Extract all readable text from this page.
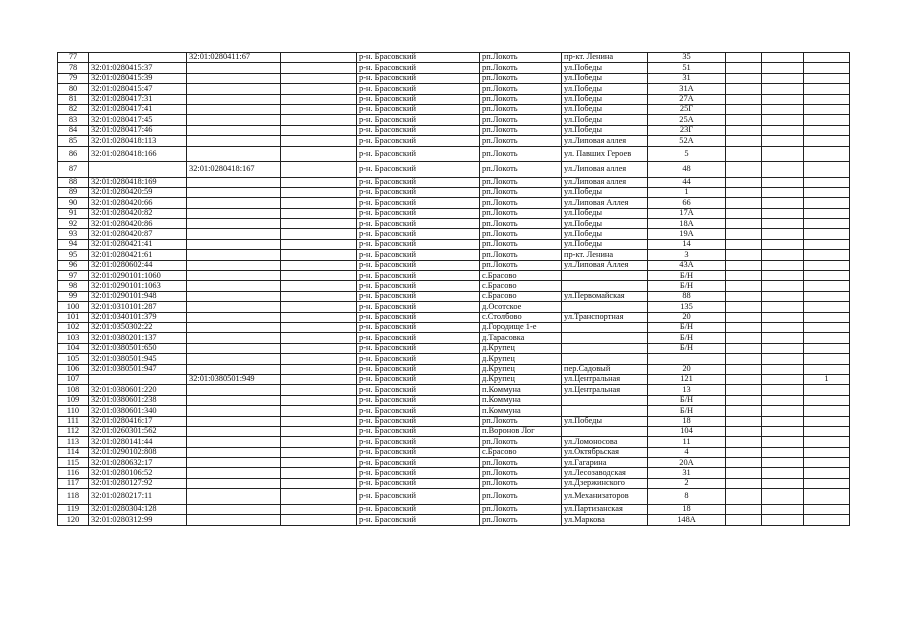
77		32:01:0280411:67		р-н. Брасовский	рп.Локоть	пр-кт. Ленина	35			
78	32:01:0280415:37			р-н. Брасовский	рп.Локоть	ул.Победы	51			
79	32:01:0280415:39			р-н. Брасовский	рп.Локоть	ул.Победы	31			
80	32:01:0280415:47			р-н. Брасовский	рп.Локоть	ул.Победы	31А			
81	32:01:0280417:31			р-н. Брасовский	рп.Локоть	ул.Победы	27А			
82	32:01:0280417:41			р-н. Брасовский	рп.Локоть	ул.Победы	25Г			
83	32:01:0280417:45			р-н. Брасовский	рп.Локоть	ул.Победы	25А			
84	32:01:0280417:46			р-н. Брасовский	рп.Локоть	ул.Победы	23Г			
85	32:01:0280418:113			р-н. Брасовский	рп.Локоть	ул.Липовая аллея	52А			
86	32:01:0280418:166			р-н. Брасовский	рп.Локоть	ул. Павших Героев	5			
87		32:01:0280418:167		р-н. Брасовский	рп.Локоть	ул.Липовая аллея	48			
88	32:01:0280418:169			р-н. Брасовский	рп.Локоть	ул.Липовая аллея	44			
89	32:01:0280420:59			р-н. Брасовский	рп.Локоть	ул.Победы	1			
90	32:01:0280420:66			р-н. Брасовский	рп.Локоть	ул.Липовая Аллея	66			
91	32:01:0280420:82			р-н. Брасовский	рп.Локоть	ул.Победы	17А			
92	32:01:0280420:86			р-н. Брасовский	рп.Локоть	ул.Победы	18А			
93	32:01:0280420:87			р-н. Брасовский	рп.Локоть	ул.Победы	19А			
94	32:01:0280421:41			р-н. Брасовский	рп.Локоть	ул.Победы	14			
95	32:01:0280421:61			р-н. Брасовский	рп.Локоть	пр-кт. Ленина	3			
96	32:01:0280602:44			р-н. Брасовский	рп.Локоть	ул.Липовая Аллея	43А			
97	32:01:0290101:1060			р-н. Брасовский	с.Брасово		Б/Н			
98	32:01:0290101:1063			р-н. Брасовский	с.Брасово		Б/Н			
99	32:01:0290101:948			р-н. Брасовский	с.Брасово	ул.Первомайская	88			
100	32:01:0310101:287			р-н. Брасовский	д.Осотское		135			
101	32:01:0340101:379			р-н. Брасовский	с.Столбово	ул.Транспортная	20			
102	32:01:0350302:22			р-н. Брасовский	д.Городище 1-е		Б/Н			
103	32:01:0380201:137			р-н. Брасовский	д.Тарасовка		Б/Н			
104	32:01:0380501:650			р-н. Брасовский	д.Крупец		Б/Н			
105	32:01:0380501:945			р-н. Брасовский	д.Крупец					
106	32:01:0380501:947			р-н. Брасовский	д.Крупец	пер.Садовый	20			
107		32:01:0380501:949		р-н. Брасовский	д.Крупец	ул.Центральная	121			1
108	32:01:0380601:220			р-н. Брасовский	п.Коммуна	ул.Центральная	13			
109	32:01:0380601:238			р-н. Брасовский	п.Коммуна		Б/Н			
110	32:01:0380601:340			р-н. Брасовский	п.Коммуна		Б/Н			
111	32:01:0280416:17			р-н. Брасовский	рп.Локоть	ул.Победы	18			
112	32:01:0260301:562			р-н. Брасовский	п.Воронов Лог		104			
113	32:01:0280141:44			р-н. Брасовский	рп.Локоть	ул.Ломоносова	11			
114	32:01:0290102:808			р-н. Брасовский	с.Брасово	ул.Октябрьская	4			
115	32:01:0280632:17			р-н. Брасовский	рп.Локоть	ул.Гагарина	20А			
116	32:01:0280106:52			р-н. Брасовский	рп.Локоть	ул.Лесозаводская	31			
117	32:01:0280127:92			р-н. Брасовский	рп.Локоть	ул.Дзержинского	2			
118	32:01:0280217:11			р-н. Брасовский	рп.Локоть	ул.Механизаторов	8			
119	32:01:0280304:128			р-н. Брасовский	рп.Локоть	ул.Партизанская	18			
120	32:01:0280312:99			р-н. Брасовский	рп.Локоть	ул.Маркова	148А			
